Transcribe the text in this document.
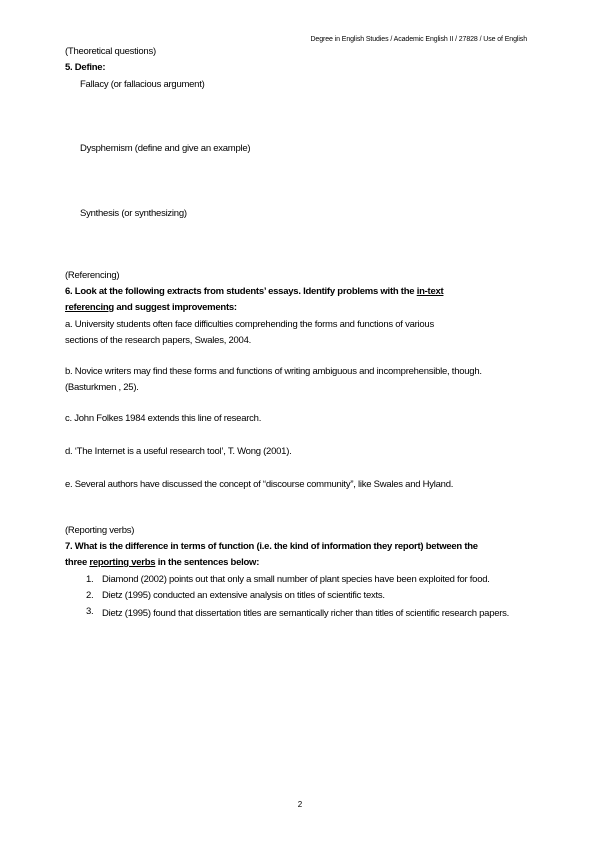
Degree in English Studies / Academic English II / 27828 / Use of English
(Theoretical questions)
5. Define:
Fallacy (or fallacious argument)
Dysphemism (define and give an example)
Synthesis (or synthesizing)
(Referencing)
6. Look at the following extracts from students’ essays. Identify problems with the in-text
referencing and suggest improvements:
a. University students often face difficulties comprehending the forms and functions of various
sections of the research papers, Swales, 2004.
b. Novice writers may find these forms and functions of writing ambiguous and incomprehensible, though.
(Basturkmen , 25).
c. John Folkes 1984 extends this line of research.
d. ‘The Internet is a useful research tool’, T. Wong (2001).
e. Several authors have discussed the concept of “discourse community”, like Swales and Hyland.
(Reporting verbs)
7. What is the difference in terms of function (i.e. the kind of information they report) between the
three reporting verbs in the sentences below:
1. Diamond (2002) points out that only a small number of plant species have been exploited for food.
2. Dietz (1995) conducted an extensive analysis on titles of scientific texts.
3. Dietz (1995) found that dissertation titles are semantically richer than titles of scientific research papers.
2
